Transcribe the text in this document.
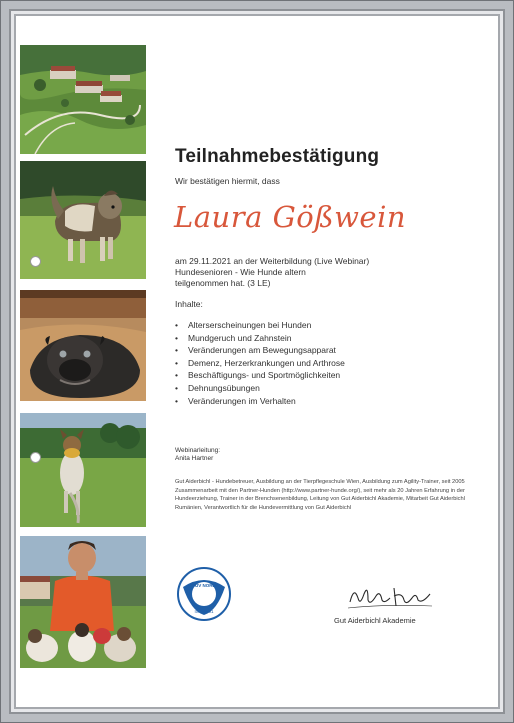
Teilnahmebestätigung
Wir bestätigen hiermit, dass
Laura Gößwein
am 29.11.2021 an der Weiterbildung (Live Webinar)
Hundesenioren - Wie Hunde altern
teilgenommen hat. (3 LE)
Inhalte:
• Alterserscheinungen bei Hunden
• Mundgeruch und Zahnstein
• Veränderungen am Bewegungsapparat
• Demenz, Herzerkrankungen und Arthrose
• Beschäftigungs- und Sportmöglichkeiten
• Dehnungsübungen
• Veränderungen im Verhalten
Webinarleitung:
Anita Hartner
Gut Aiderbichl - Hundebetreuer, Ausbildung an der Tierpflegeschule Wien, Ausbildung zum Agility-Trainer, seit 2005 Zusammenarbeit mit den Partner-Hunden (http://www.partner-hunde.org/), seit mehr als 20 Jahren Erfahrung in der Hundeerziehung, Trainer in der Brenchsenenbildung, Leitung von Gut Aiderbichl Akademie, Mitarbeit Gut Aiderbichl Rumänien, Verantwortlich für die Hundevermittlung von Gut Aiderbichl
TÜV NORD
ISO 9001
Gut Aiderbichl Akademie
